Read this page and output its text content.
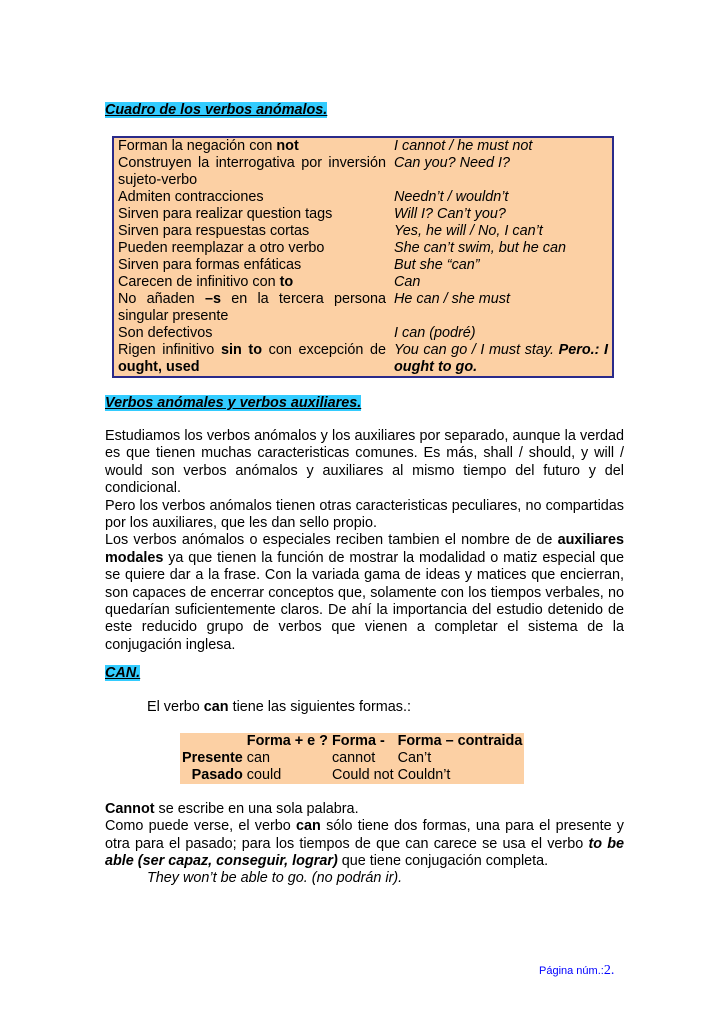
Cuadro de los verbos anómalos.
Forman la negación con not	I cannot / he must not
Construyen la interrogativa por inversión sujeto-verbo	Can you? Need I?
Admiten contracciones	Needn’t / wouldn’t
Sirven para realizar question tags	Will I? Can’t you?
Sirven para respuestas cortas	Yes, he will / No, I can’t
Pueden reemplazar a otro verbo	She can’t swim, but he can
Sirven para formas enfáticas	But she “can”
Carecen de infinitivo con to	Can
No añaden –s en la tercera persona singular presente	He can / she must
Son defectivos	I can (podré)
Rigen infinitivo sin to con excepción de ought, used	You can go / I must stay. Pero.: I ought to go.
Verbos anómales y verbos auxiliares.

Estudiamos los verbos anómalos y los auxiliares por separado, aunque la verdad es que tienen muchas caracteristicas comunes. Es más, shall / should, y will / would son verbos anómalos y auxiliares al mismo tiempo del futuro y del condicional.

Pero los verbos anómalos tienen otras caracteristicas peculiares, no compartidas por los auxiliares, que les dan sello propio.

Los verbos anómalos o especiales reciben tambien el nombre de de auxiliares modales ya que tienen la función de mostrar la modalidad o matiz especial que se quiere dar a la frase. Con la variada gama de ideas y matices que encierran, son capaces de encerrar conceptos que, solamente con los tiempos verbales, no quedarían suficientemente claros. De ahí la importancia del estudio detenido de este reducido grupo de verbos que vienen a completar el sistema de la conjugación inglesa.

CAN.
El verbo can tiene las siguientes formas.:
	Forma + e ?	Forma -	Forma – contraida
Presente	can	cannot	Can’t
Pasado	could	Could not	Couldn’t

Cannot se escribe en una sola palabra.

Como puede verse, el verbo can sólo tiene dos formas, una para el presente y otra para el pasado; para los tiempos de que can carece se usa el verbo to be able (ser capaz, conseguir, lograr) que tiene conjugación completa.

They won’t be able to go. (no podrán ir).
Página núm.:2.
